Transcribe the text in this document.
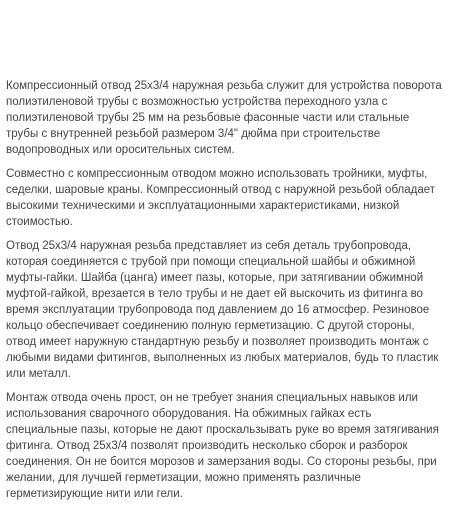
Компрессионный отвод 25x3/4 наружная резьба служит для устройства поворота полиэтиленовой трубы с возможностью устройства переходного узла с полиэтиленовой трубы 25 мм на резьбовые фасонные части или стальные трубы с внутренней резьбой размером 3/4" дюйма при строительстве водопроводных или оросительных систем.

Совместно с компрессионным отводом можно использовать тройники, муфты, седелки, шаровые краны. Компрессионный отвод с наружной резьбой обладает высокими техническими и эксплуатационными характеристиками, низкой стоимостью.

Отвод 25х3/4 наружная резьба представляет из себя деталь трубопровода, которая соединяется с трубой при помощи специальной шайбы и обжимной муфты-гайки. Шайба (цанга) имеет пазы, которые, при затягивании обжимной муфтой-гайкой, врезается в тело трубы и не дает ей выскочить из фитинга во время эксплуатации трубопровода под давлением до 16 атмосфер. Резиновое кольцо обеспечивает соединению полную герметизацию. С другой стороны, отвод имеет наружную стандартную резьбу и позволяет производить монтаж с любыми видами фитингов, выполненных из любых материалов, будь то пластик или металл.

Монтаж отвода очень прост, он не требует знания специальных навыков или использования сварочного оборудования. На обжимных гайках есть специальные пазы, которые не дают проскальзывать руке во время затягивания фитинга. Отвод 25х3/4 позволят производить несколько сборок и разборок соединения. Он не боится морозов и замерзания воды. Со стороны резьбы, при желании, для лучшей герметизации, можно применять различные герметизирующие нити или гели.
